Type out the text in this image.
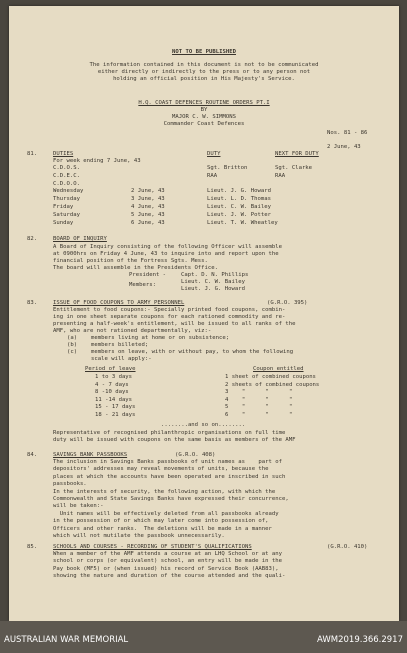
NOT TO BE PUBLISHED
The information contained in this document is not to be communicated
either directly or indirectly to the press or to any person not
holding an official position in His Majesty's Service.
H.Q. COAST DEFENCES ROUTINE ORDERS PT.I
BY
MAJOR C. W. SIMMONS
Commander Coast Defences
Nos. 81 - 86
2 June, 43
81.	DUTIES	DUTY	NEXT FOR DUTY
For week ending 7 June, 43
82.	BOARD OF INQUIRY
A Board of Inquiry consisting of the following Officer will assemble
at 0900hrs on Friday 4 June, 43 to inquire into and report upon the
financial position of the Fortress Sgts. Mess.
The board will assemble in the Presidents Office.
President -	Capt. D. N. Phillips
Members:	Lieut. C. W. Bailey
Lieut. J. G. Howard
83.	ISSUE OF FOOD COUPONS TO ARMY PERSONNEL	(G.R.O. 395)
Entitlement to food coupons:- Specially printed food coupons, combin-
ing in one sheet separate coupons for each rationed commodity and re-
presenting a half-week's entitlement, will be issued to all ranks of the
AMF, who are not rationed departmentally, viz:-
(a) members living at home or on subsistence;
(b) members billeted;
(c) members on leave, with or without pay, to whom the following
scale will apply:-
Period of leave	Coupon entitled
........and so on........
Representative of recognised philanthropic organisations on full time
duty will be issued with coupons on the same basis as members of the AMF
84.	SAVINGS BANK PASSBOOKS	(G.R.O. 408)
85.	SCHOOLS AND COURSES - RECORDING OF STUDENT'S QUALIFICATIONS	(G.R.O. 410)
C.D.O.S.	Sgt. Britton	Sgt. Clarke
C.D.E.C.	RAA	RAA
C.D.O.O.
Wednesday	2 June, 43	Lieut. J. G. Howard
Thursday	3 June, 43	Lieut. L. D. Thomas
Friday	4 June, 43	Lieut. C. W. Bailey
Saturday	5 June, 43	Lieut. J. W. Potter
Sunday	6 June, 43	Lieut. T. W. Wheatley
1 to 3 days	1 sheet of combined coupons
4 - 7 days	2 sheets of combined coupons
8 -10 days	3    "      "      "
11 -14 days	4    "      "      "
15 - 17 days	5    "      "      "
18 - 21 days	6    "      "      "
The inclusion in Savings Banks passbooks of unit names as    part of
depositors' addresses may reveal movements of units, because the
places at which the accounts have been operated are inscribed in such
passbooks.
In the interests of security, the following action, with which the
Commonwealth and State Savings Banks have expressed their concurrence,
will be taken:-
Unit names will be effectively deleted from all passbooks already
in the possession of or which may later come into possession of,
Officers and other ranks.  The deletions will be made in a manner
which will not mutilate the passbook unnecessarily.
When a member of the AMF attends a course at an LHQ School or at any
school or corps (or equivalent) school, an entry will be made in the
Pay book (MF5) or (when issued) his record of Service Book (AAB83),
showing the nature and duration of the course attended and the quali-
AUSTRALIAN WAR MEMORIAL	AWM2019.366.2917
